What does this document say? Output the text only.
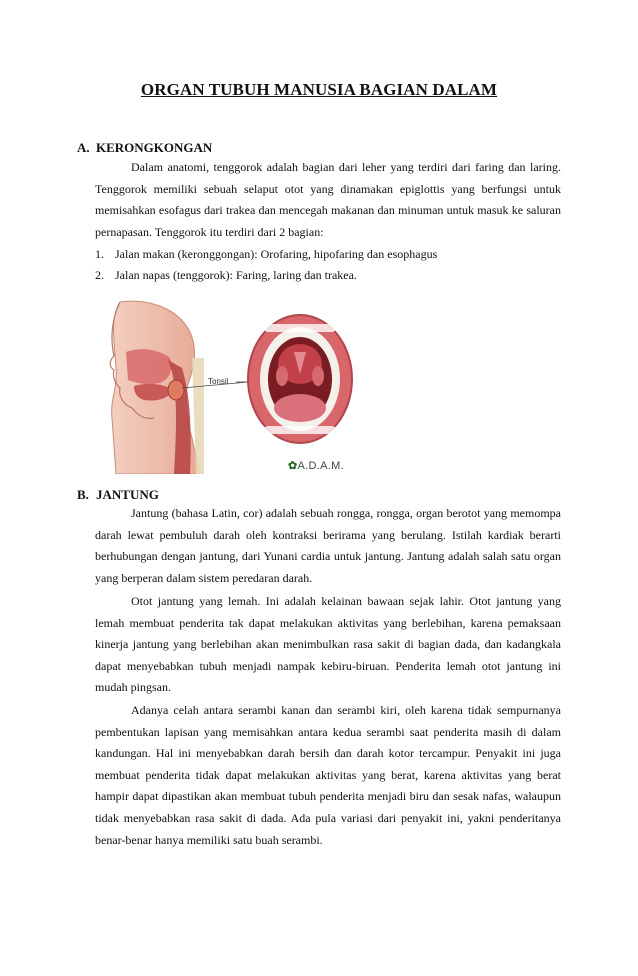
ORGAN TUBUH MANUSIA BAGIAN DALAM
A. KERONGKONGAN

Dalam anatomi, tenggorok adalah bagian dari leher yang terdiri dari faring dan laring. Tenggorok memiliki sebuah selaput otot yang dinamakan epiglottis yang berfungsi untuk memisahkan esofagus dari trakea dan mencegah makanan dan minuman untuk masuk ke saluran pernapasan. Tenggorok itu terdiri dari 2 bagian:

1. Jalan makan (keronggongan): Orofaring, hipofaring dan esophagus
2. Jalan napas (tenggorok): Faring, laring dan trakea.
Tonsil
✿A.D.A.M.
B. JANTUNG

Jantung (bahasa Latin, cor) adalah sebuah rongga, rongga, organ berotot yang memompa darah lewat pembuluh darah oleh kontraksi berirama yang berulang. Istilah kardiak berarti berhubungan dengan jantung, dari Yunani cardia untuk jantung. Jantung adalah salah satu organ yang berperan dalam sistem peredaran darah.

Otot jantung yang lemah. Ini adalah kelainan bawaan sejak lahir. Otot jantung yang lemah membuat penderita tak dapat melakukan aktivitas yang berlebihan, karena pemaksaan kinerja jantung yang berlebihan akan menimbulkan rasa sakit di bagian dada, dan kadangkala dapat menyebabkan tubuh menjadi nampak kebiru-biruan. Penderita lemah otot jantung ini mudah pingsan.

Adanya celah antara serambi kanan dan serambi kiri, oleh karena tidak sempurnanya pembentukan lapisan yang memisahkan antara kedua serambi saat penderita masih di dalam kandungan. Hal ini menyebabkan darah bersih dan darah kotor tercampur. Penyakit ini juga membuat penderita tidak dapat melakukan aktivitas yang berat, karena aktivitas yang berat hampir dapat dipastikan akan membuat tubuh penderita menjadi biru dan sesak nafas, walaupun tidak menyebabkan rasa sakit di dada. Ada pula variasi dari penyakit ini, yakni penderitanya benar-benar hanya memiliki satu buah serambi.
